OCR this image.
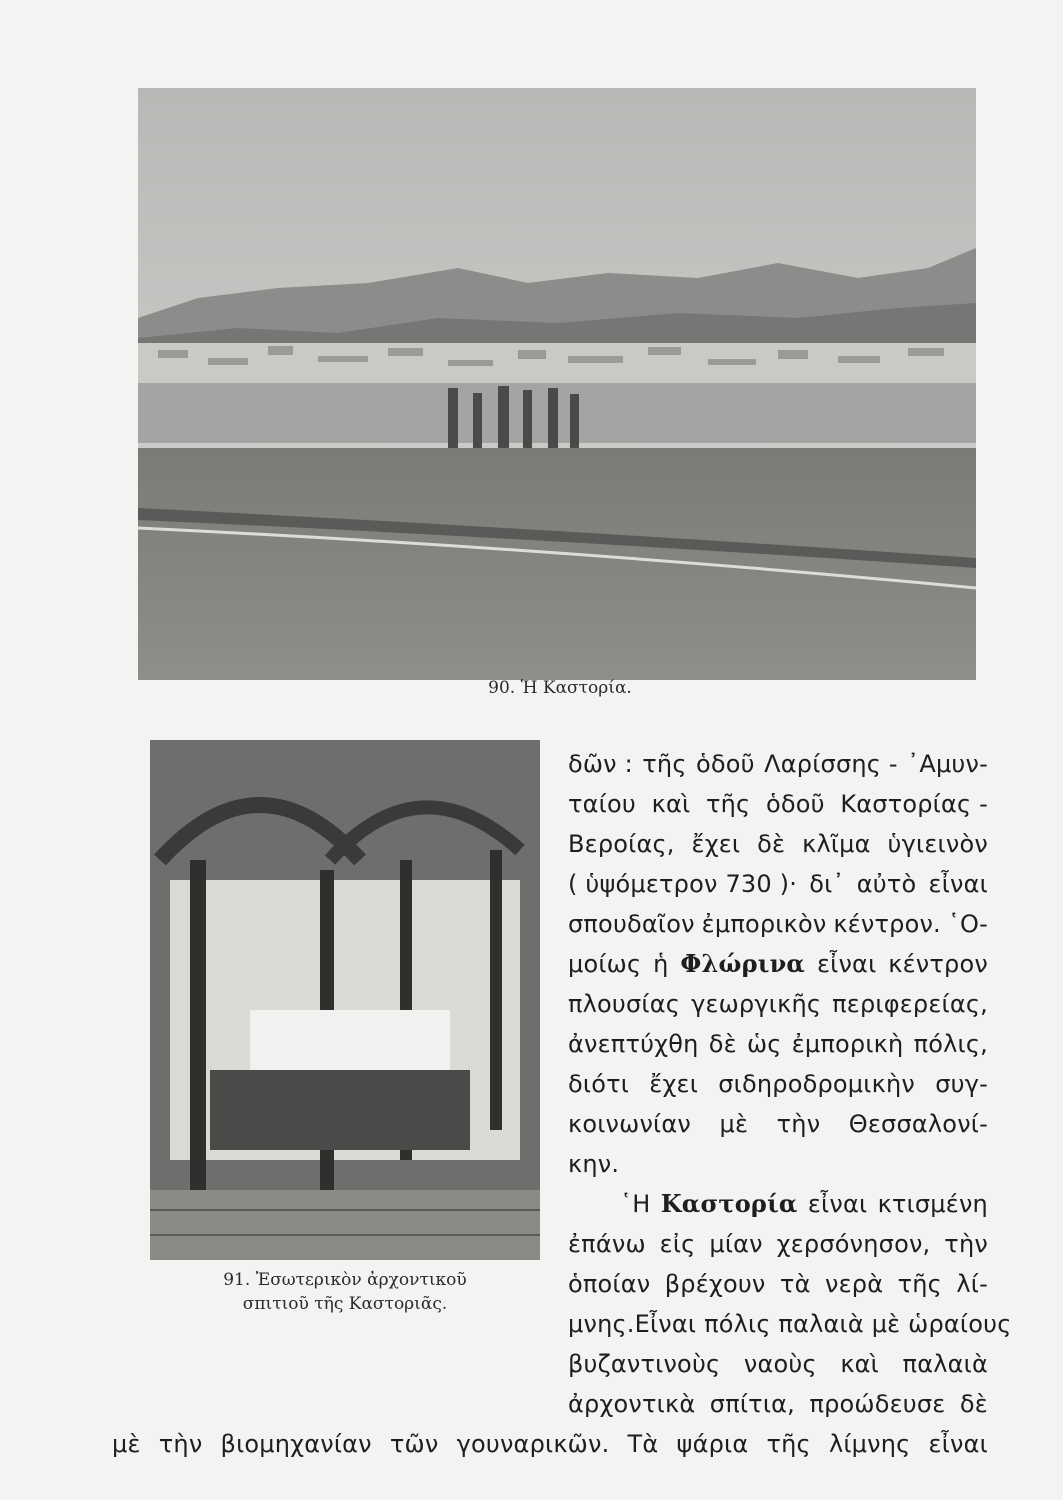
90. Ἡ Καστορία.
91. Ἐσωτερικὸν ἀρχοντικοῦ
σπιτιοῦ τῆς Καστοριᾶς.
δῶν : τῆς ὁδοῦ Λαρίσσης - ᾽Αμυν-
ταίου καὶ τῆς ὁδοῦ Καστορίας -
Βεροίας, ἔχει δὲ κλῖμα ὑγιεινὸν
( ὑψόμετρον 730 )· δι᾽ αὐτὸ εἶναι
σπουδαῖον ἐμπορικὸν κέντρον. ῾Ο-
μοίως ἡ Φλώρινα εἶναι κέντρον
πλουσίας γεωργικῆς περιφερείας,
ἀνεπτύχθη δὲ ὡς ἐμπορικὴ πόλις,
διότι ἔχει σιδηροδρομικὴν συγ-
κοινωνίαν μὲ τὴν Θεσσαλονί-
κην.
῾Η Καστορία εἶναι κτισμένη
ἐπάνω εἰς μίαν χερσόνησον, τὴν
ὁποίαν βρέχουν τὰ νερὰ τῆς λί-
μνης.Εἶναι πόλις παλαιὰ μὲ ὡραίους
βυζαντινοὺς ναοὺς καὶ παλαιὰ
ἀρχοντικὰ σπίτια, προώδευσε δὲ
μὲ τὴν βιομηχανίαν τῶν γουναρικῶν. Τὰ ψάρια τῆς λίμνης εἶναι
